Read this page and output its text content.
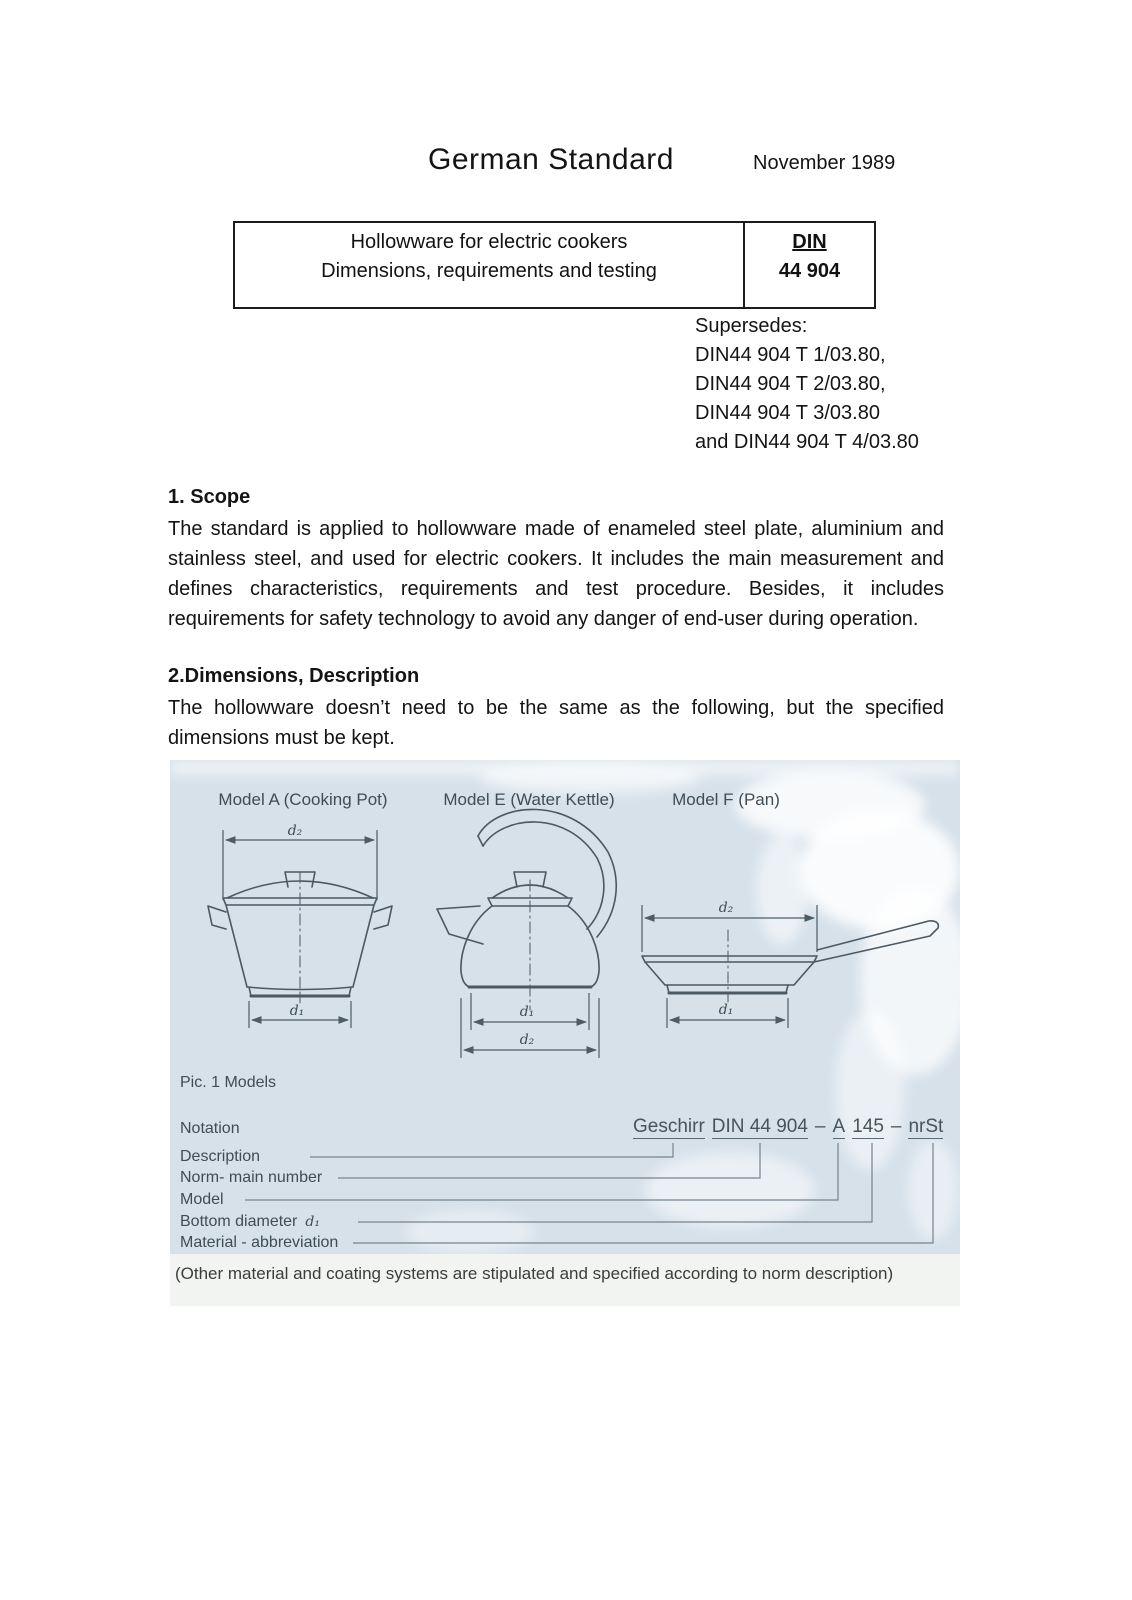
German Standard	November 1989
Hollowware for electric cookers
Dimensions, requirements and testing
DIN
44 904
Supersedes:
DIN44 904 T 1/03.80,
DIN44 904 T 2/03.80,
DIN44 904 T 3/03.80
and DIN44 904 T 4/03.80
1. Scope
The standard is applied to hollowware made of enameled steel plate, aluminium and stainless steel, and used for electric cookers. It includes the main measurement and defines characteristics, requirements and test procedure. Besides, it includes requirements for safety technology to avoid any danger of end-user during operation.
2.Dimensions, Description
The hollowware doesn’t need to be the same as the following, but the specified dimensions must be kept.
d₂
d₁	d₁
d₂
d₂
d₁
Model A (Cooking Pot)	Model E (Water Kettle)	Model F (Pan)
Pic. 1 Models
Notation
Description
Norm- main number
Model
Bottom diameter d₁
Material - abbreviation
Geschirr DIN 44 904 – A 145 – nrSt
(Other material and coating systems are stipulated and specified according to norm description)
